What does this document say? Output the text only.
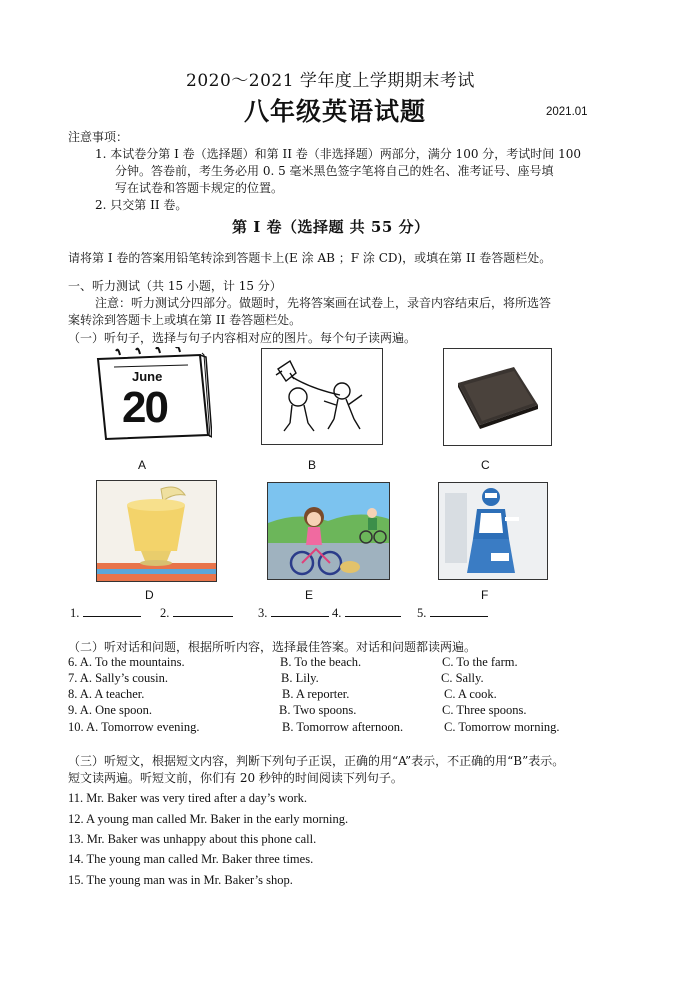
2020～2021 学年度上学期期末考试
八年级英语试题	2021.01
注意事项：
1. 本试卷分第 I 卷（选择题）和第 II 卷（非选择题）两部分，满分 100 分，考试时间 100
分钟。答卷前，考生务必用 0. 5 毫米黑色签字笔将自己的姓名、准考证号、座号填
写在试卷和答题卡规定的位置。
2. 只交第 II 卷。
第 I 卷（选择题 共 55 分）
请将第 I 卷的答案用铅笔转涂到答题卡上(E 涂 AB ；F 涂 CD)，或填在第 II 卷答题栏处。
一、听力测试（共 15 小题，计 15 分）
注意：听力测试分四部分。做题时，先将答案画在试卷上，录音内容结束后，将所选答
案转涂到答题卡上或填在第 II 卷答题栏处。
（一）听句子，选择与句子内容相对应的图片。每个句子读两遍。
June
20
A	B	C
D	E	F
1.	2.	3.	4.	5.
（二）听对话和问题，根据所听内容，选择最佳答案。对话和问题都读两遍。
6. A. To the mountains.	B. To the beach.	C. To the farm.
7. A. Sally’s cousin.	B. Lily.	C. Sally.
8. A. A teacher.	B. A reporter.	C. A cook.
9. A. One spoon.	B. Two spoons.	C. Three spoons.
10. A. Tomorrow evening.	B. Tomorrow afternoon.	C. Tomorrow morning.
（三）听短文，根据短文内容，判断下列句子正误，正确的用“A”表示，不正确的用“B”表示。
短文读两遍。听短文前，你们有 20 秒钟的时间阅读下列句子。
11. Mr. Baker was very tired after a day’s work.
12. A young man called Mr. Baker in the early morning.
13. Mr. Baker was unhappy about this phone call.
14. The young man called Mr. Baker three times.
15. The young man was in Mr. Baker’s shop.
